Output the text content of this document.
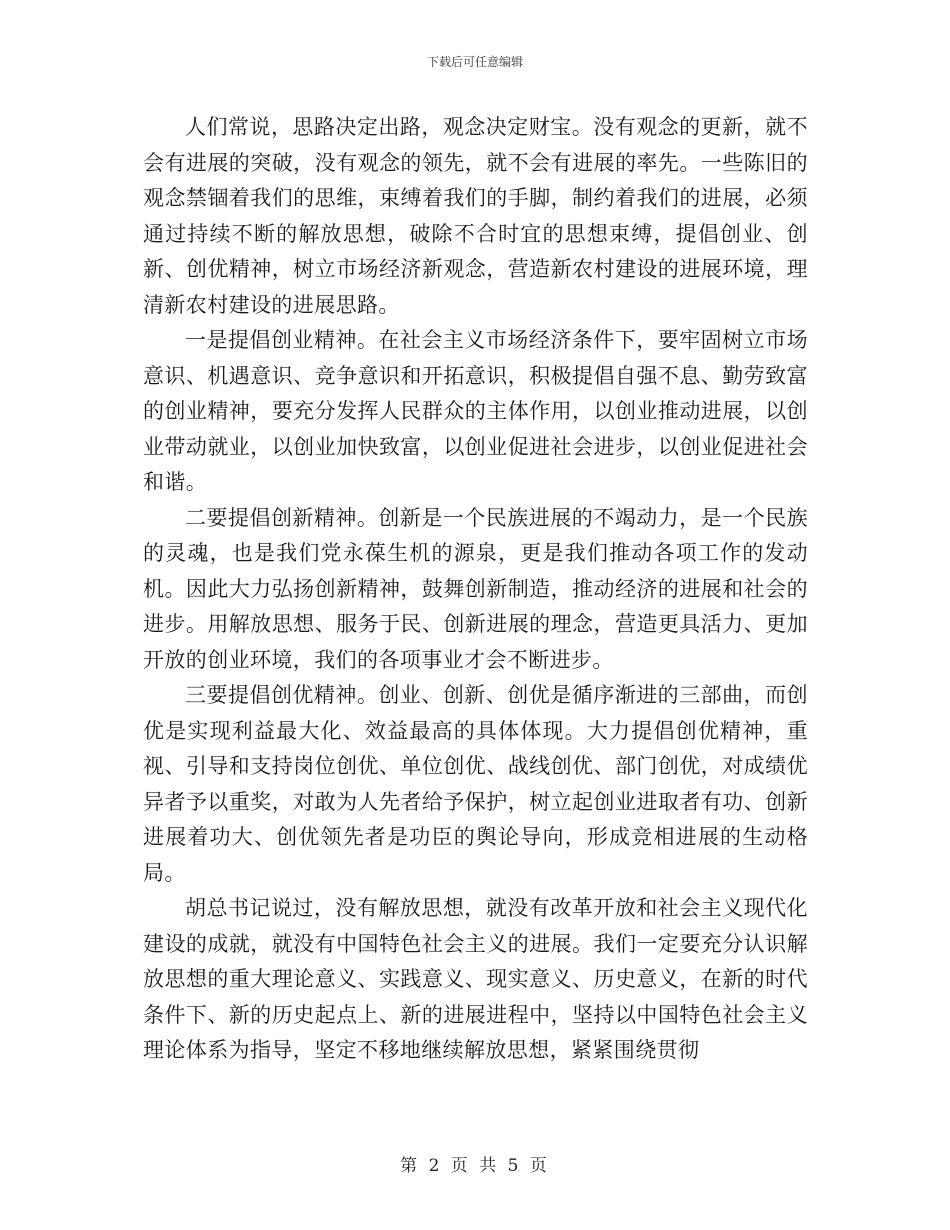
下载后可任意编辑

人们常说，思路决定出路，观念决定财宝。没有观念的更新，就不会有进展的突破，没有观念的领先，就不会有进展的率先。一些陈旧的观念禁锢着我们的思维，束缚着我们的手脚，制约着我们的进展，必须通过持续不断的解放思想，破除不合时宜的思想束缚，提倡创业、创新、创优精神，树立市场经济新观念，营造新农村建设的进展环境，理清新农村建设的进展思路。

一是提倡创业精神。在社会主义市场经济条件下，要牢固树立市场意识、机遇意识、竞争意识和开拓意识，积极提倡自强不息、勤劳致富的创业精神，要充分发挥人民群众的主体作用，以创业推动进展，以创业带动就业，以创业加快致富，以创业促进社会进步，以创业促进社会和谐。

二要提倡创新精神。创新是一个民族进展的不竭动力，是一个民族的灵魂，也是我们党永葆生机的源泉，更是我们推动各项工作的发动机。因此大力弘扬创新精神，鼓舞创新制造，推动经济的进展和社会的进步。用解放思想、服务于民、创新进展的理念，营造更具活力、更加开放的创业环境，我们的各项事业才会不断进步。

三要提倡创优精神。创业、创新、创优是循序渐进的三部曲，而创优是实现利益最大化、效益最高的具体体现。大力提倡创优精神，重视、引导和支持岗位创优、单位创优、战线创优、部门创优，对成绩优异者予以重奖，对敢为人先者给予保护，树立起创业进取者有功、创新进展着功大、创优领先者是功臣的舆论导向，形成竞相进展的生动格局。

胡总书记说过，没有解放思想，就没有改革开放和社会主义现代化建设的成就，就没有中国特色社会主义的进展。我们一定要充分认识解放思想的重大理论意义、实践意义、现实意义、历史意义，在新的时代条件下、新的历史起点上、新的进展进程中，坚持以中国特色社会主义理论体系为指导，坚定不移地继续解放思想，紧紧围绕贯彻

第 2 页 共 5 页
